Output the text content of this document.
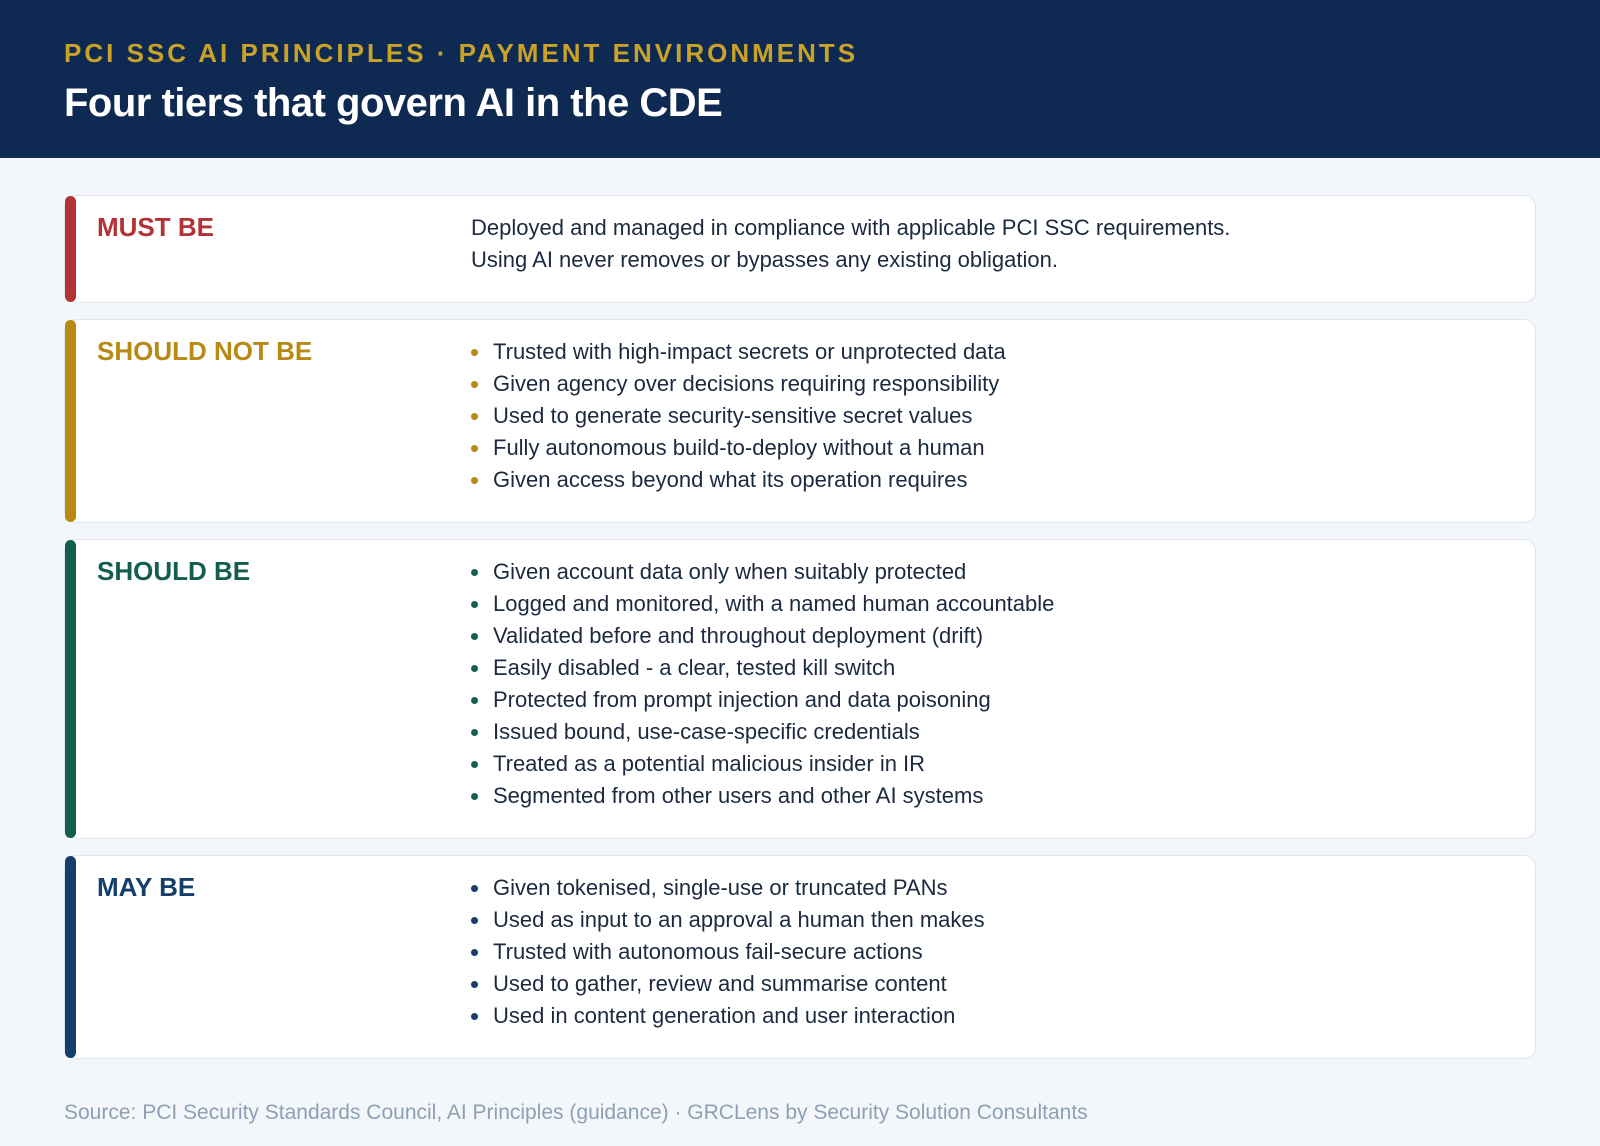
PCI SSC AI PRINCIPLES · PAYMENT ENVIRONMENTS
Four tiers that govern AI in the CDE
MUST BE	Deployed and managed in compliance with applicable PCI SSC requirements.

Using AI never removes or bypasses any existing obligation.

SHOULD NOT BE	Trusted with high-impact secrets or unprotected data
Given agency over decisions requiring responsibility
Used to generate security-sensitive secret values
Fully autonomous build-to-deploy without a human
Given access beyond what its operation requires
SHOULD BE	Given account data only when suitably protected
Logged and monitored, with a named human accountable
Validated before and throughout deployment (drift)
Easily disabled - a clear, tested kill switch
Protected from prompt injection and data poisoning
Issued bound, use-case-specific credentials
Treated as a potential malicious insider in IR
Segmented from other users and other AI systems
MAY BE	Given tokenised, single-use or truncated PANs
Used as input to an approval a human then makes
Trusted with autonomous fail-secure actions
Used to gather, review and summarise content
Used in content generation and user interaction
Source: PCI Security Standards Council, AI Principles (guidance) · GRCLens by Security Solution Consultants
